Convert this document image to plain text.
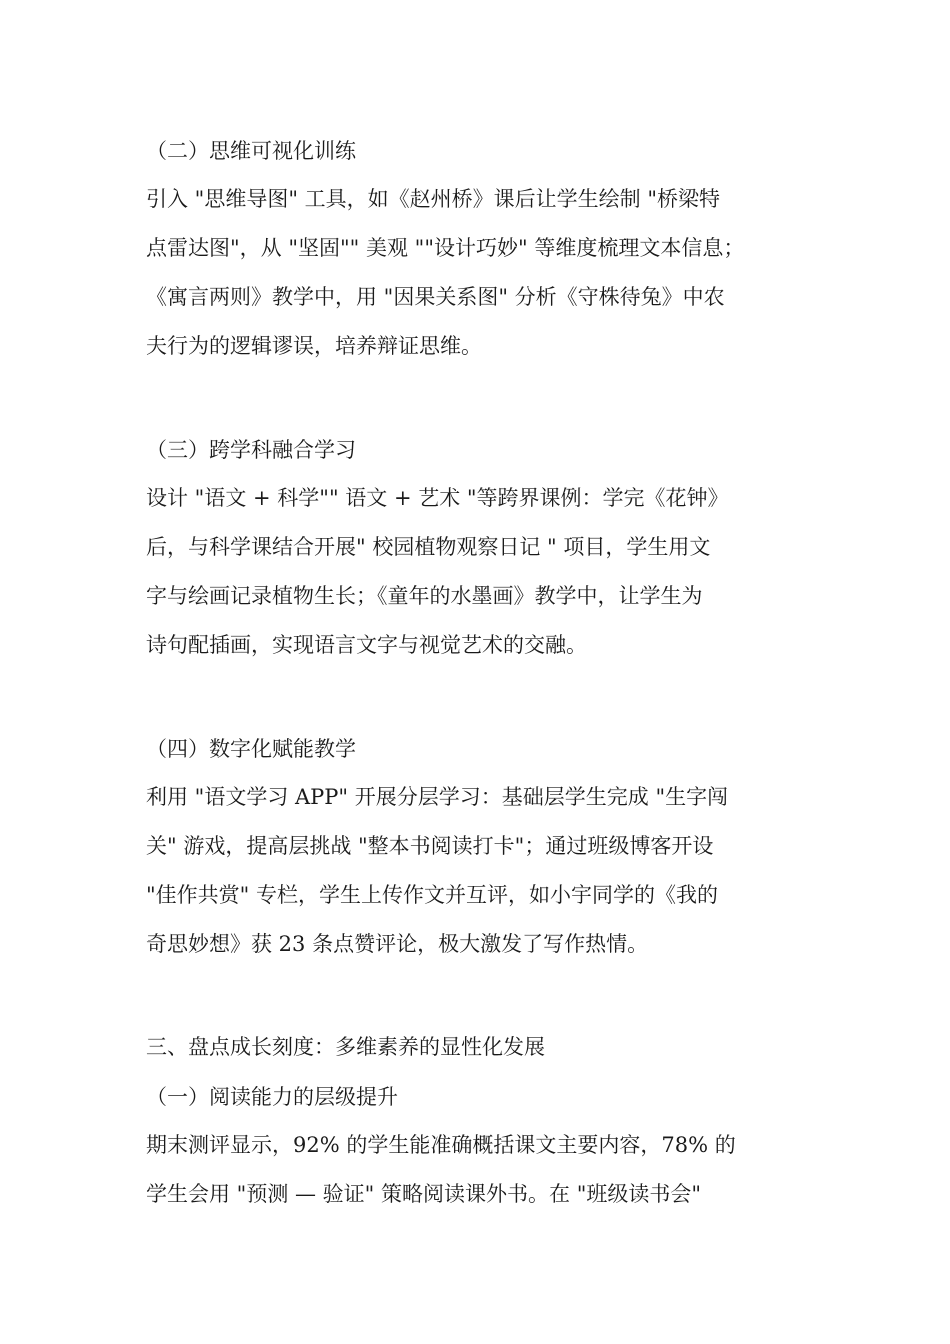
（二）思维可视化训练
引入 "思维导图" 工具，如《赵州桥》课后让学生绘制 "桥梁特
点雷达图"，从 "坚固"" 美观 ""设计巧妙" 等维度梳理文本信息；
《寓言两则》教学中，用 "因果关系图" 分析《守株待兔》中农
夫行为的逻辑谬误，培养辩证思维。
（三）跨学科融合学习
设计 "语文 + 科学"" 语文 + 艺术 "等跨界课例：学完《花钟》
后，与科学课结合开展" 校园植物观察日记 " 项目，学生用文
字与绘画记录植物生长；《童年的水墨画》教学中，让学生为
诗句配插画，实现语言文字与视觉艺术的交融。
（四）数字化赋能教学
利用 "语文学习 APP" 开展分层学习：基础层学生完成 "生字闯
关" 游戏，提高层挑战 "整本书阅读打卡"；通过班级博客开设
"佳作共赏" 专栏，学生上传作文并互评，如小宇同学的《我的
奇思妙想》获 23 条点赞评论，极大激发了写作热情。
三、盘点成长刻度：多维素养的显性化发展
（一）阅读能力的层级提升
期末测评显示，92% 的学生能准确概括课文主要内容，78% 的
学生会用 "预测 — 验证" 策略阅读课外书。在 "班级读书会"
